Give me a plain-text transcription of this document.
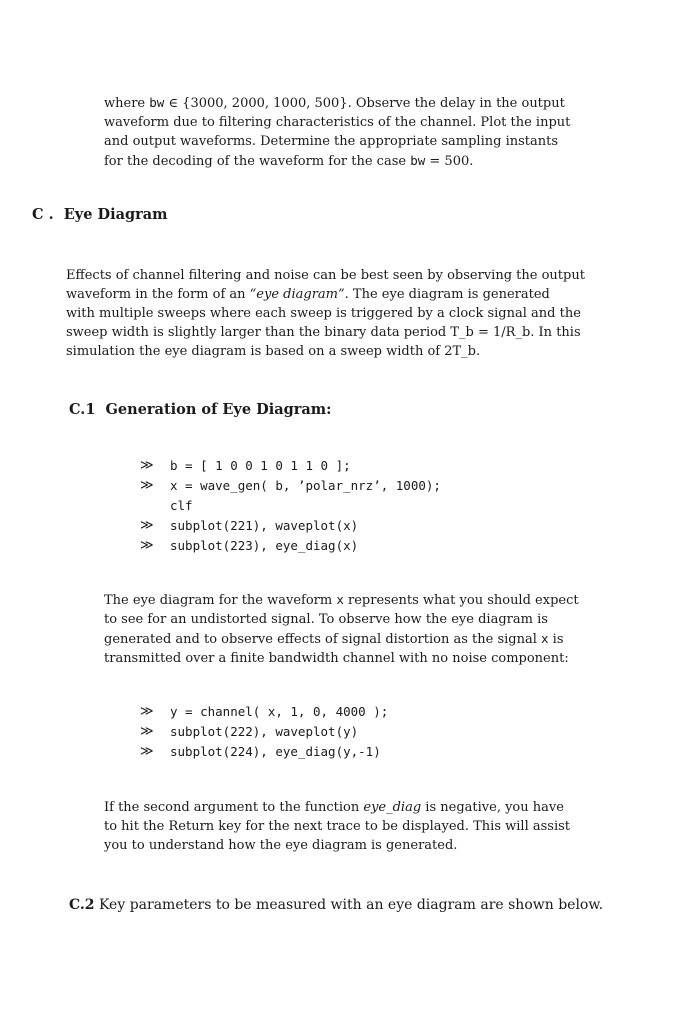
where bw ∈ {3000, 2000, 1000, 500}. Observe the delay in the output
waveform due to filtering characteristics of the channel. Plot the input
and output waveforms. Determine the appropriate sampling instants
for the decoding of the waveform for the case bw = 500.
C . Eye Diagram
Effects of channel filtering and noise can be best seen by observing the output
waveform in the form of an “eye diagram”. The eye diagram is generated
with multiple sweeps where each sweep is triggered by a clock signal and the
sweep width is slightly larger than the binary data period T_b = 1/R_b. In this
simulation the eye diagram is based on a sweep width of 2T_b.
C.1 Generation of Eye Diagram:
≫	b = [ 1 0 0 1 0 1 1 0 ];
≫	x = wave_gen( b, ’polar_nrz’, 1000);
clf
≫	subplot(221), waveplot(x)
≫	subplot(223), eye_diag(x)
The eye diagram for the waveform x represents what you should expect
to see for an undistorted signal. To observe how the eye diagram is
generated and to observe effects of signal distortion as the signal x is
transmitted over a finite bandwidth channel with no noise component:
≫	y = channel( x, 1, 0, 4000 );
≫	subplot(222), waveplot(y)
≫	subplot(224), eye_diag(y,-1)
If the second argument to the function eye_diag is negative, you have
to hit the Return key for the next trace to be displayed. This will assist
you to understand how the eye diagram is generated.
C.2 Key parameters to be measured with an eye diagram are shown below.
